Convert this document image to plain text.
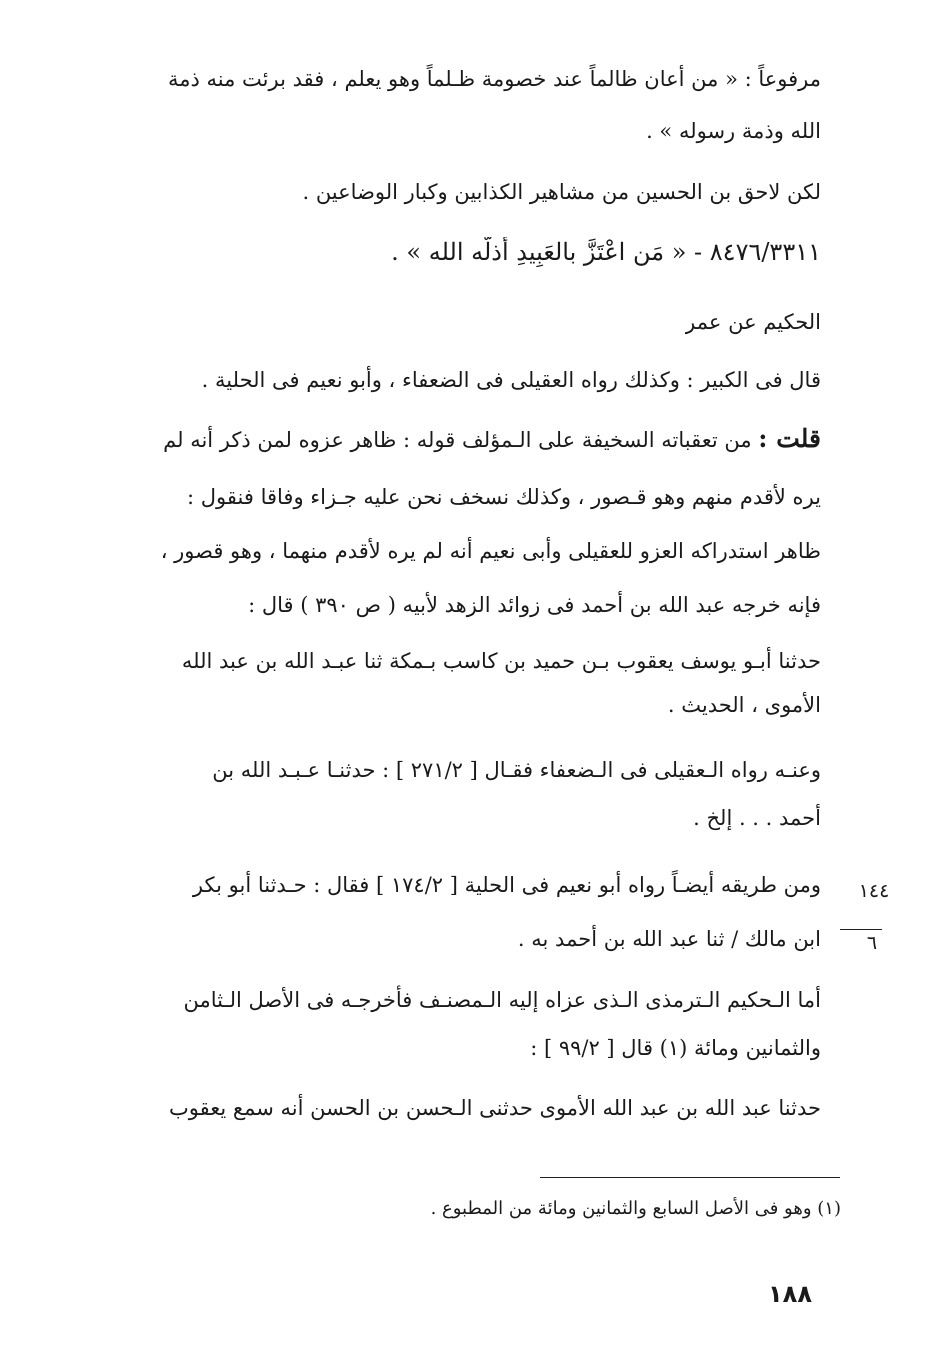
مرفوعاً : « من أعان ظالماً عند خصومة ظـلماً وهو يعلم ، فقد برئت منه ذمة
الله وذمة رسوله » .
لكن لاحق بن الحسين من مشاهير الكذابين وكبار الوضاعين .
٨٤٧٦/٣٣١١ - « مَنِ اعْتَزَّ بالعَبِيدِ أذلَّه الله » .
الحكيم عن عمر
قال فى الكبير : وكذلك رواه العقيلى فى الضعفاء ، وأبو نعيم فى الحلية .
قلت : من تعقباته السخيفة على الـمؤلف قوله : ظاهر عزوه لمن ذكر أنه لم
يره لأقدم منهم وهو قـصور ، وكذلك نسخف نحن عليه جـزاء وفاقا فنقول :
ظاهر استدراكه العزو للعقيلى وأبى نعيم أنه لم يره لأقدم منهما ، وهو قصور ،
فإنه خرجه عبد الله بن أحمد فى زوائد الزهد لأبيه ( ص ٣٩٠ ) قال :
حدثنا أبـو يوسف يعقوب بـن حميد بن كاسب بـمكة ثنا عبـد الله بن عبد الله
الأموى ، الحديث .
وعنـه رواه الـعقيلى فى الـضعفاء فقـال [ ٢٧١/٢ ] : حدثنـا عـبـد الله بن
أحمد . . . إلخ .
ومن طريقه أيضـاً رواه أبو نعيم فى الحلية [ ١٧٤/٢ ] فقال : حـدثنا أبو بكر
ابن مالك / ثنا عبد الله بن أحمد به .
١٤٤
٦
أما الـحكيم الـترمذى الـذى عزاه إليه الـمصنـف فأخرجـه فى الأصل الـثامن
والثمانين ومائة (١) قال [ ٩٩/٢ ] :
حدثنا عبد الله بن عبد الله الأموى حدثنى الـحسن بن الحسن أنه سمع يعقوب
(١) وهو فى الأصل السابع والثمانين ومائة من المطبوع .
١٨٨
